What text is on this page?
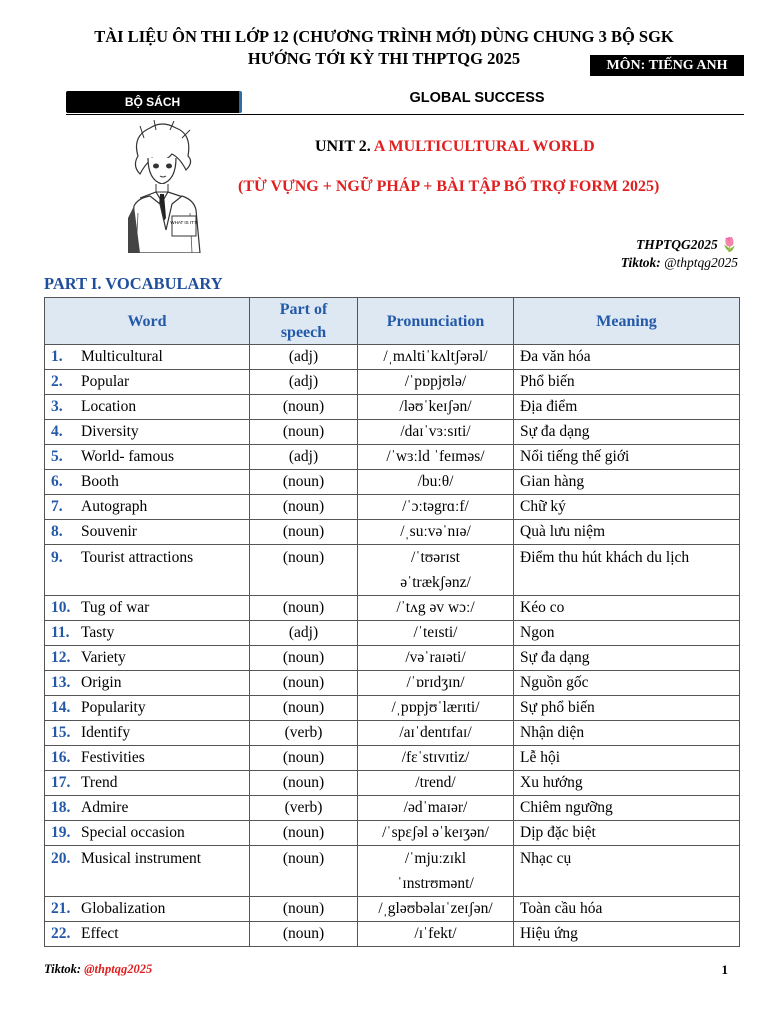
TÀI LIỆU ÔN THI LỚP 12 (CHƯƠNG TRÌNH MỚI) DÙNG CHUNG 3 BỘ SGK
HƯỚNG TỚI KỲ THI THPTQG 2025	MÔN: TIẾNG ANH
BỘ SÁCH	GLOBAL SUCCESS
WHAT IS IT?!
UNIT 2. A MULTICULTURAL WORLD
(TỪ VỰNG + NGỮ PHÁP + BÀI TẬP BỔ TRỢ FORM 2025)
THPTQG2025 🌷
Tiktok: @thptqg2025
PART I. VOCABULARY
Word	Part of
speech	Pronunciation	Meaning
1. Multicultural	(adj)	/ˌmʌltiˈkʌltʃərəl/	Đa văn hóa
2. Popular	(adj)	/ˈpɒpjʊlə/	Phổ biến
3. Location	(noun)	/ləʊˈkeɪʃən/	Địa điểm
4. Diversity	(noun)	/daɪˈvɜːsɪti/	Sự đa dạng
5. World- famous	(adj)	/ˈwɜːld ˈfeɪməs/	Nổi tiếng thế giới
6. Booth	(noun)	/buːθ/	Gian hàng
7. Autograph	(noun)	/ˈɔːtəgrɑːf/	Chữ ký
8. Souvenir	(noun)	/ˌsuːvəˈnɪə/	Quà lưu niệm
9. Tourist attractions	(noun)	/ˈtʊərɪst
əˈtrækʃənz/	Điểm thu hút khách du lịch
10. Tug of war	(noun)	/ˈtʌg əv wɔː/	Kéo co
11. Tasty	(adj)	/ˈteɪsti/	Ngon
12. Variety	(noun)	/vəˈraɪəti/	Sự đa dạng
13. Origin	(noun)	/ˈɒrɪdʒɪn/	Nguồn gốc
14. Popularity	(noun)	/ˌpɒpjʊˈlærɪti/	Sự phổ biến
15. Identify	(verb)	/aɪˈdentɪfaɪ/	Nhận diện
16. Festivities	(noun)	/fɛˈstɪvɪtiz/	Lễ hội
17. Trend	(noun)	/trend/	Xu hướng
18. Admire	(verb)	/ədˈmaɪər/	Chiêm ngưỡng
19. Special occasion	(noun)	/ˈspɛʃəl əˈkeɪʒən/	Dịp đặc biệt
20. Musical instrument	(noun)	/ˈmjuːzɪkl
ˈɪnstrʊmənt/	Nhạc cụ
21. Globalization	(noun)	/ˌgləʊbəlaɪˈzeɪʃən/	Toàn cầu hóa
22. Effect	(noun)	/ɪˈfekt/	Hiệu ứng
Tiktok: @thptqg2025	1
